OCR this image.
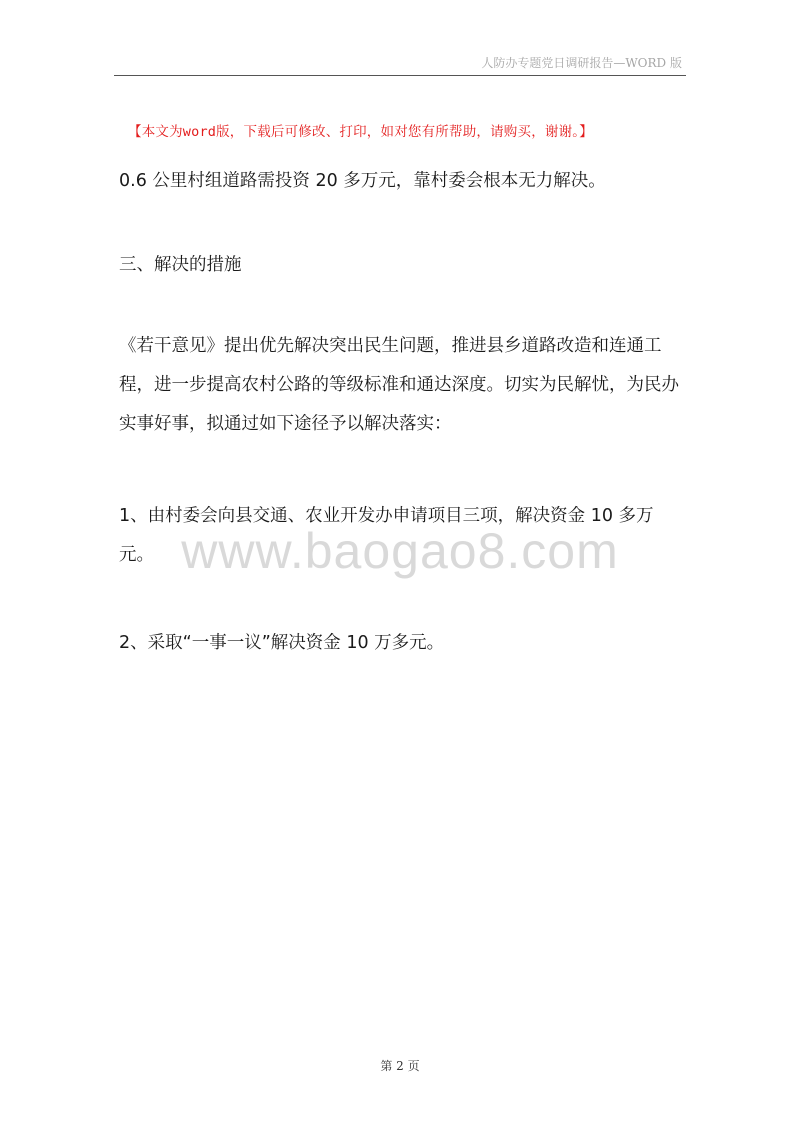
人防办专题党日调研报告—WORD 版
【本文为word版，下载后可修改、打印，如对您有所帮助，请购买，谢谢。】

0.6 公里村组道路需投资 20 多万元，靠村委会根本无力解决。

三、解决的措施

《若干意见》提出优先解决突出民生问题，推进县乡道路改造和连通工程，进一步提高农村公路的等级标准和通达深度。切实为民解忧，为民办实事好事，拟通过如下途径予以解决落实：

1、由村委会向县交通、农业开发办申请项目三项，解决资金 10 多万元。

2、采取“一事一议”解决资金 10 万多元。

www.baogao8.com
第 2 页
